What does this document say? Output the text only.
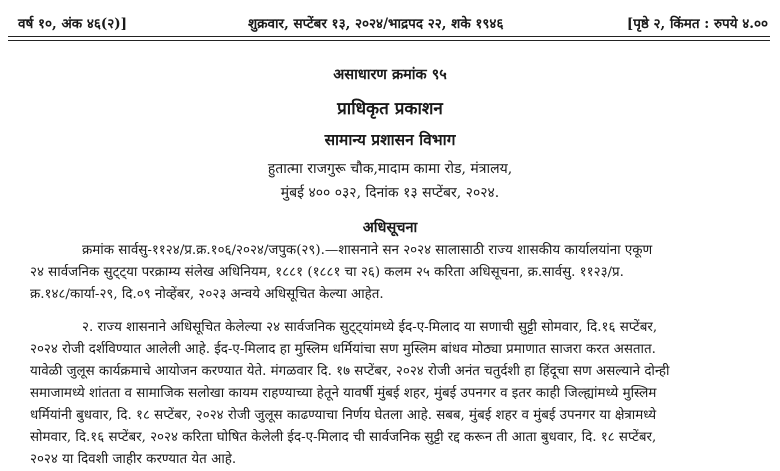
वर्ष १०, अंक ४६(२)]	शुक्रवार, सप्टेंबर १३, २०२४/भाद्रपद २२, शके १९४६	[पृष्ठे २, किंमत : रुपये ४.००
असाधारण क्रमांक ९५
प्राधिकृत प्रकाशन
सामान्य प्रशासन विभाग
हुतात्मा राजगुरू चौक,मादाम कामा रोड, मंत्रालय,
मुंबई ४०० ०३२, दिनांक १३ सप्टेंबर, २०२४.
अधिसूचना
क्रमांक सार्वसु-११२४/प्र.क्र.१०६/२०२४/जपुक(२९).—शासनाने सन २०२४ सालासाठी राज्य शासकीय कार्यालयांना एकूण
२४ सार्वजनिक सुट्ट्या परक्राम्य संलेख अधिनियम, १८८१ (१८८१ चा २६) कलम २५ करिता अधिसूचना, क्र.सार्वसु. ११२३/प्र.
क्र.१४८/कार्या-२९, दि.०९ नोव्हेंबर, २०२३ अन्वये अधिसूचित केल्या आहेत.
२. राज्य शासनाने अधिसूचित केलेल्या २४ सार्वजनिक सुट्ट्यांमध्ये ईद-ए-मिलाद या सणाची सुट्टी सोमवार, दि.१६ सप्टेंबर,
२०२४ रोजी दर्शविण्यात आलेली आहे. ईद-ए-मिलाद हा मुस्लिम धर्मियांचा सण मुस्लिम बांधव मोठ्या प्रमाणात साजरा करत असतात.
यावेळी जुलूस कार्यक्रमाचे आयोजन करण्यात येते. मंगळवार दि. १७ सप्टेंबर, २०२४ रोजी अनंत चतुर्दशी हा हिंदूचा सण असल्याने दोन्ही
समाजामध्ये शांतता व सामाजिक सलोखा कायम राहण्याच्या हेतूने यावर्षी मुंबई शहर, मुंबई उपनगर व इतर काही जिल्ह्यांमध्ये मुस्लिम
धर्मियांनी बुधवार, दि. १८ सप्टेंबर, २०२४ रोजी जुलूस काढण्याचा निर्णय घेतला आहे. सबब, मुंबई शहर व मुंबई उपनगर या क्षेत्रामध्ये
सोमवार, दि.१६ सप्टेंबर, २०२४ करिता घोषित केलेली ईद-ए-मिलाद ची सार्वजनिक सुट्टी रद्द करून ती आता बुधवार, दि. १८ सप्टेंबर,
२०२४ या दिवशी जाहीर करण्यात येत आहे.
